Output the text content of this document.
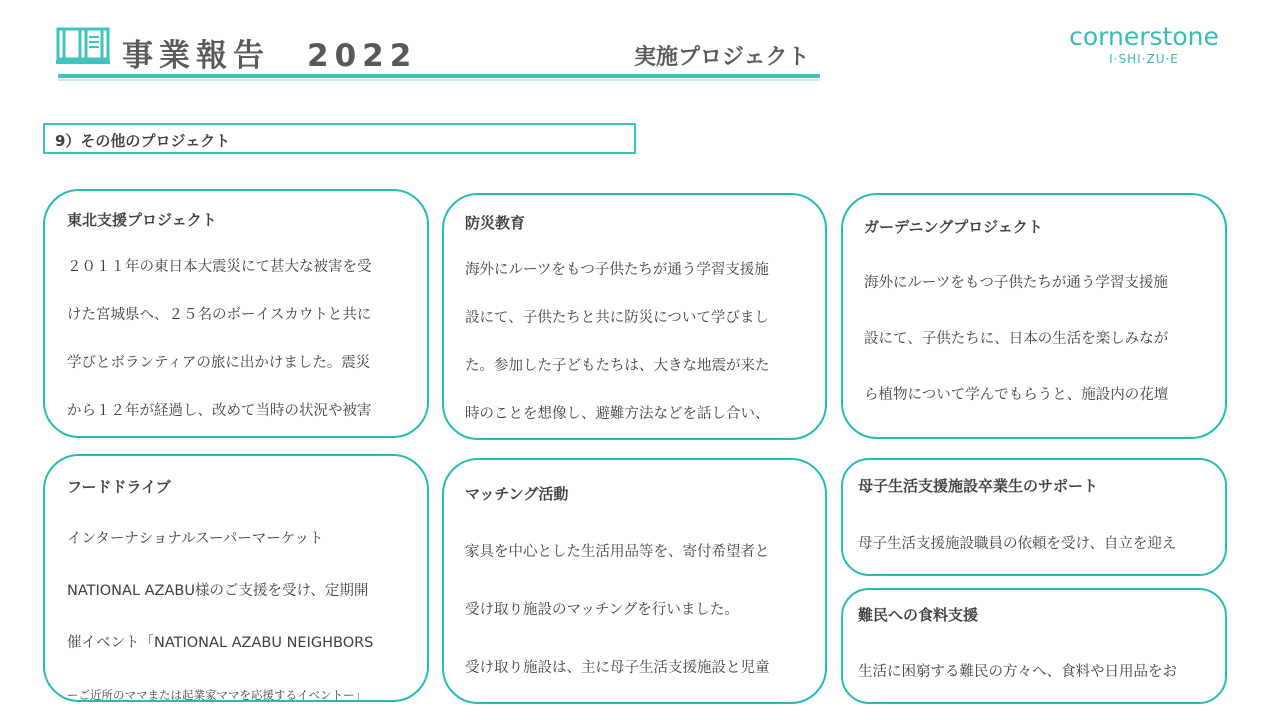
事業報告　2022	実施プロジェクト
cornerstone
I·SHI·ZU·E
9）その他のプロジェクト
東北支援プロジェクト

２０１１年の東日本大震災にて甚大な被害を受

けた宮城県へ、２５名のボーイスカウトと共に

学びとボランティアの旅に出かけました。震災

から１２年が経過し、改めて当時の状況や被害

防災教育

海外にルーツをもつ子供たちが通う学習支援施

設にて、子供たちと共に防災について学びまし

た。参加した子どもたちは、大きな地震が来た

時のことを想像し、避難方法などを話し合い、

ガーデニングプロジェクト

海外にルーツをもつ子供たちが通う学習支援施

設にて、子供たちに、日本の生活を楽しみなが

ら植物について学んでもらうと、施設内の花壇

フードドライブ

インターナショナルスーパーマーケット

NATIONAL AZABU様のご支援を受け、定期開

催イベント「NATIONAL AZABU NEIGHBORS

ーご近所のママまたは起業家ママを応援するイベントー」

マッチング活動

家具を中心とした生活用品等を、寄付希望者と

受け取り施設のマッチングを行いました。

受け取り施設は、主に母子生活支援施設と児童

母子生活支援施設卒業生のサポート

母子生活支援施設職員の依頼を受け、自立を迎え

難民への食料支援

生活に困窮する難民の方々へ、食料や日用品をお
